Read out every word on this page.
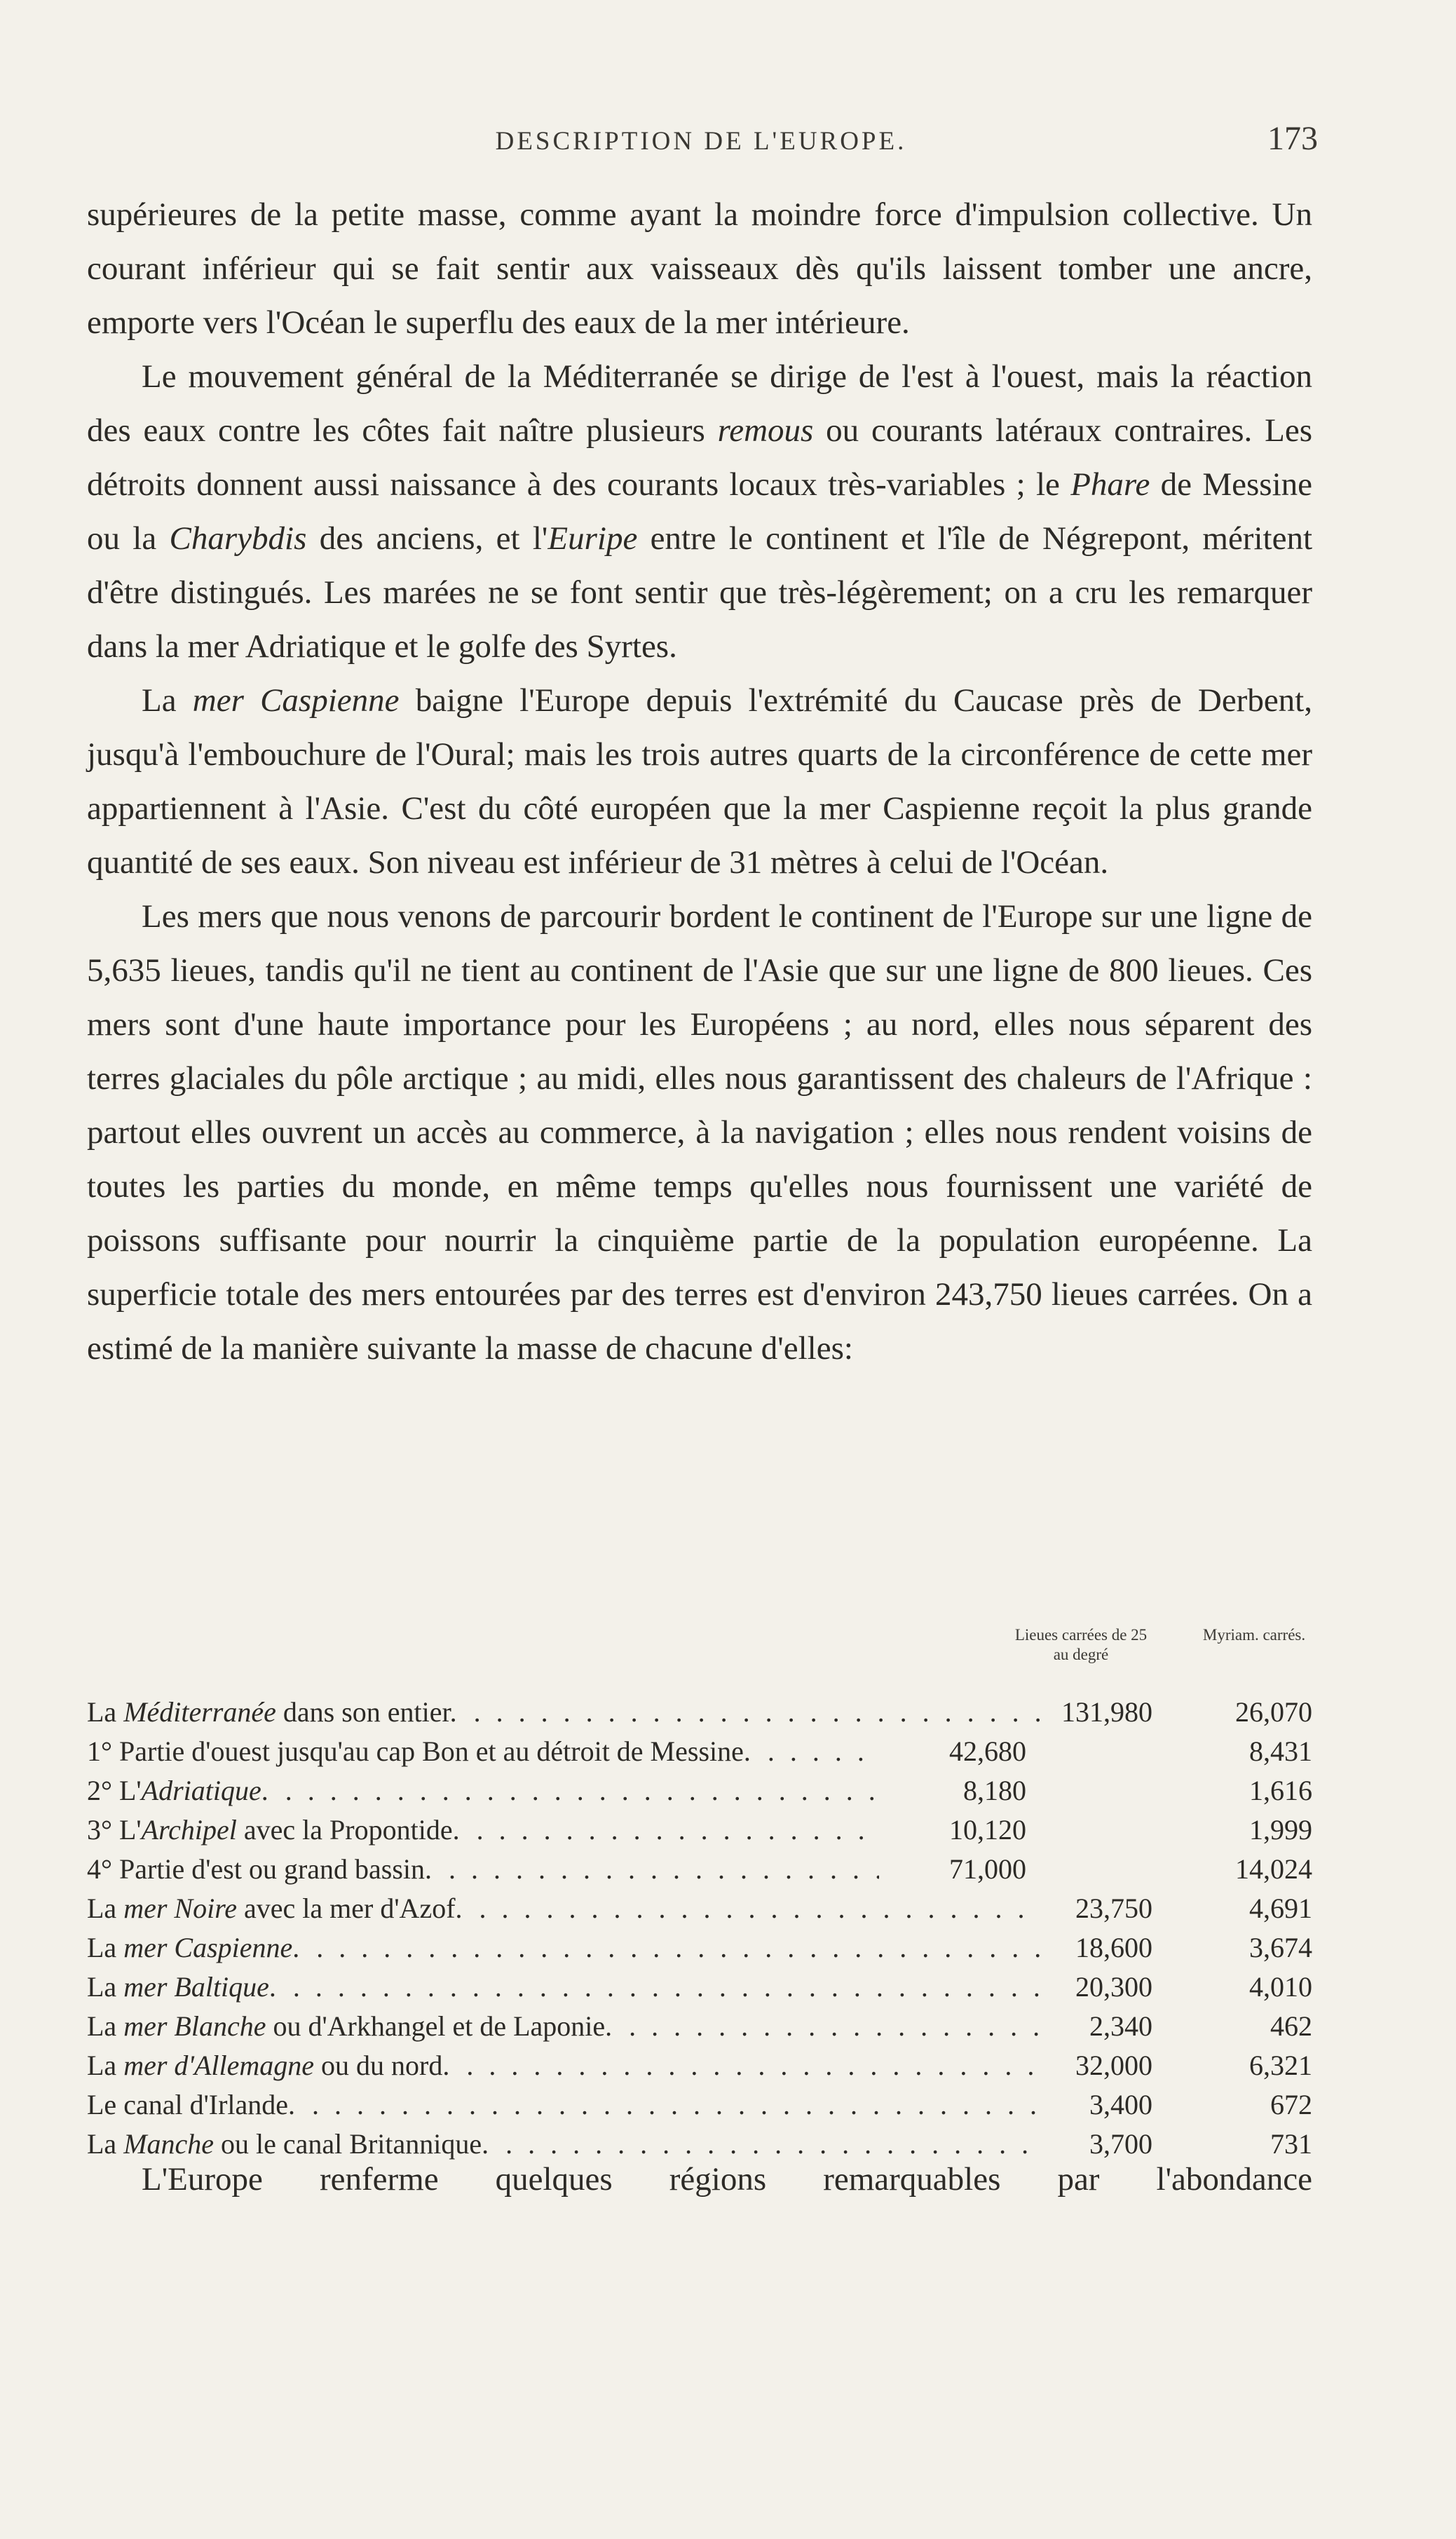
DESCRIPTION DE L'EUROPE.	173

supérieures de la petite masse, comme ayant la moindre force d'impulsion collective. Un courant inférieur qui se fait sentir aux vaisseaux dès qu'ils laissent tomber une ancre, emporte vers l'Océan le superflu des eaux de la mer intérieure.

Le mouvement général de la Méditerranée se dirige de l'est à l'ouest, mais la réaction des eaux contre les côtes fait naître plusieurs remous ou courants latéraux contraires. Les détroits donnent aussi naissance à des courants locaux très-variables ; le Phare de Messine ou la Charybdis des anciens, et l'Euripe entre le continent et l'île de Négrepont, méritent d'être distingués. Les marées ne se font sentir que très-légèrement; on a cru les remarquer dans la mer Adriatique et le golfe des Syrtes.

La mer Caspienne baigne l'Europe depuis l'extrémité du Caucase près de Derbent, jusqu'à l'embouchure de l'Oural; mais les trois autres quarts de la circonférence de cette mer appartiennent à l'Asie. C'est du côté européen que la mer Caspienne reçoit la plus grande quantité de ses eaux. Son niveau est inférieur de 31 mètres à celui de l'Océan.

Les mers que nous venons de parcourir bordent le continent de l'Europe sur une ligne de 5,635 lieues, tandis qu'il ne tient au continent de l'Asie que sur une ligne de 800 lieues. Ces mers sont d'une haute importance pour les Européens ; au nord, elles nous séparent des terres glaciales du pôle arctique ; au midi, elles nous garantissent des chaleurs de l'Afrique : partout elles ouvrent un accès au commerce, à la navigation ; elles nous rendent voisins de toutes les parties du monde, en même temps qu'elles nous fournissent une variété de poissons suffisante pour nourrir la cinquième partie de la population européenne. La superficie totale des mers entourées par des terres est d'environ 243,750 lieues carrées. On a estimé de la manière suivante la masse de chacune d'elles:

Lieues carrées de 25 au degré
Myriam. carrés.
La Méditerranée dans son entier. . . .	131,980	26,070
1° Partie d'ouest jusqu'au cap Bon et au détroit de Messine. . . .	42,680	8,431
2° L'Adriatique. . . .	8,180	1,616
3° L'Archipel avec la Propontide. . . .	10,120	1,999
4° Partie d'est ou grand bassin. . . .	71,000	14,024
La mer Noire avec la mer d'Azof. . . .	23,750	4,691
La mer Caspienne. . . .	18,600	3,674
La mer Baltique. . . .	20,300	4,010
La mer Blanche ou d'Arkhangel et de Laponie. . . .	2,340	462
La mer d'Allemagne ou du nord. . . .	32,000	6,321
Le canal d'Irlande. . . .	3,400	672
La Manche ou le canal Britannique. . . .	3,700	731
L'Europe renferme quelques régions remarquables par l'abondance
